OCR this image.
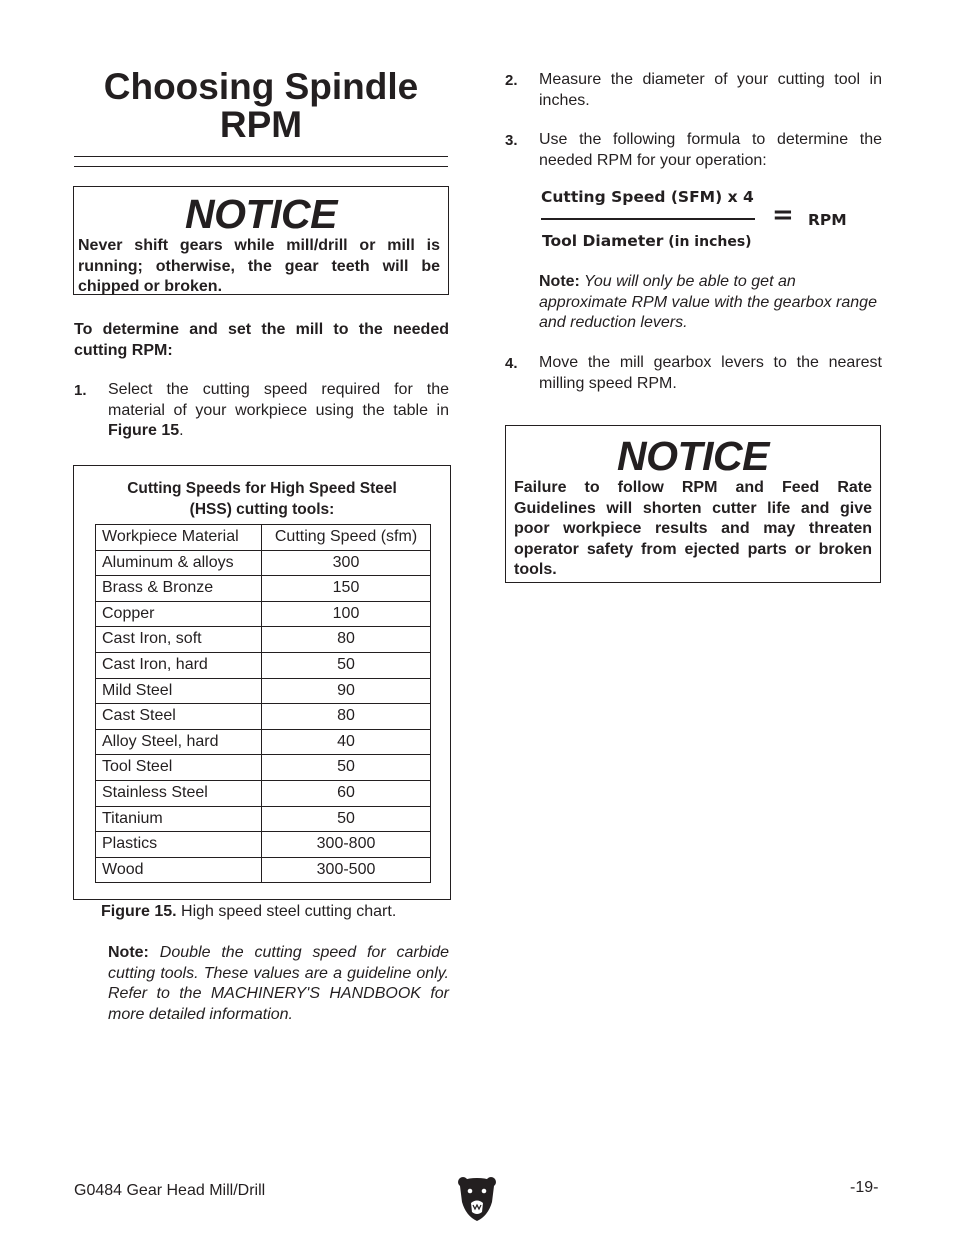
Choosing Spindle
RPM
NOTICE
Never shift gears while mill/drill or mill is running; otherwise, the gear teeth will be chipped or broken.
To determine and set the mill to the needed cutting RPM:
1. Select the cutting speed required for the material of your workpiece using the table in Figure 15.
Cutting Speeds for High Speed Steel
(HSS) cutting tools:
Workpiece Material	Cutting Speed (sfm)
Aluminum & alloys	300
Brass & Bronze	150
Copper	100
Cast Iron, soft	80
Cast Iron, hard	50
Mild Steel	90
Cast Steel	80
Alloy Steel, hard	40
Tool Steel	50
Stainless Steel	60
Titanium	50
Plastics	300-800
Wood	300-500
Figure 15. High speed steel cutting chart.
Note: Double the cutting speed for carbide cutting tools. These values are a guideline only. Refer to the MACHINERY'S HANDBOOK for more detailed information.
2. Measure the diameter of your cutting tool in inches.
3. Use the following formula to determine the needed RPM for your operation:
Cutting Speed (SFM) x 4
Tool Diameter (in inches)
= RPM
Note: You will only be able to get an approximate RPM value with the gearbox range and reduction levers.
4. Move the mill gearbox levers to the nearest milling speed RPM.
NOTICE
Failure to follow RPM and Feed Rate Guidelines will shorten cutter life and give poor workpiece results and may threaten operator safety from ejected parts or broken tools.
G0484 Gear Head Mill/Drill	-19-
